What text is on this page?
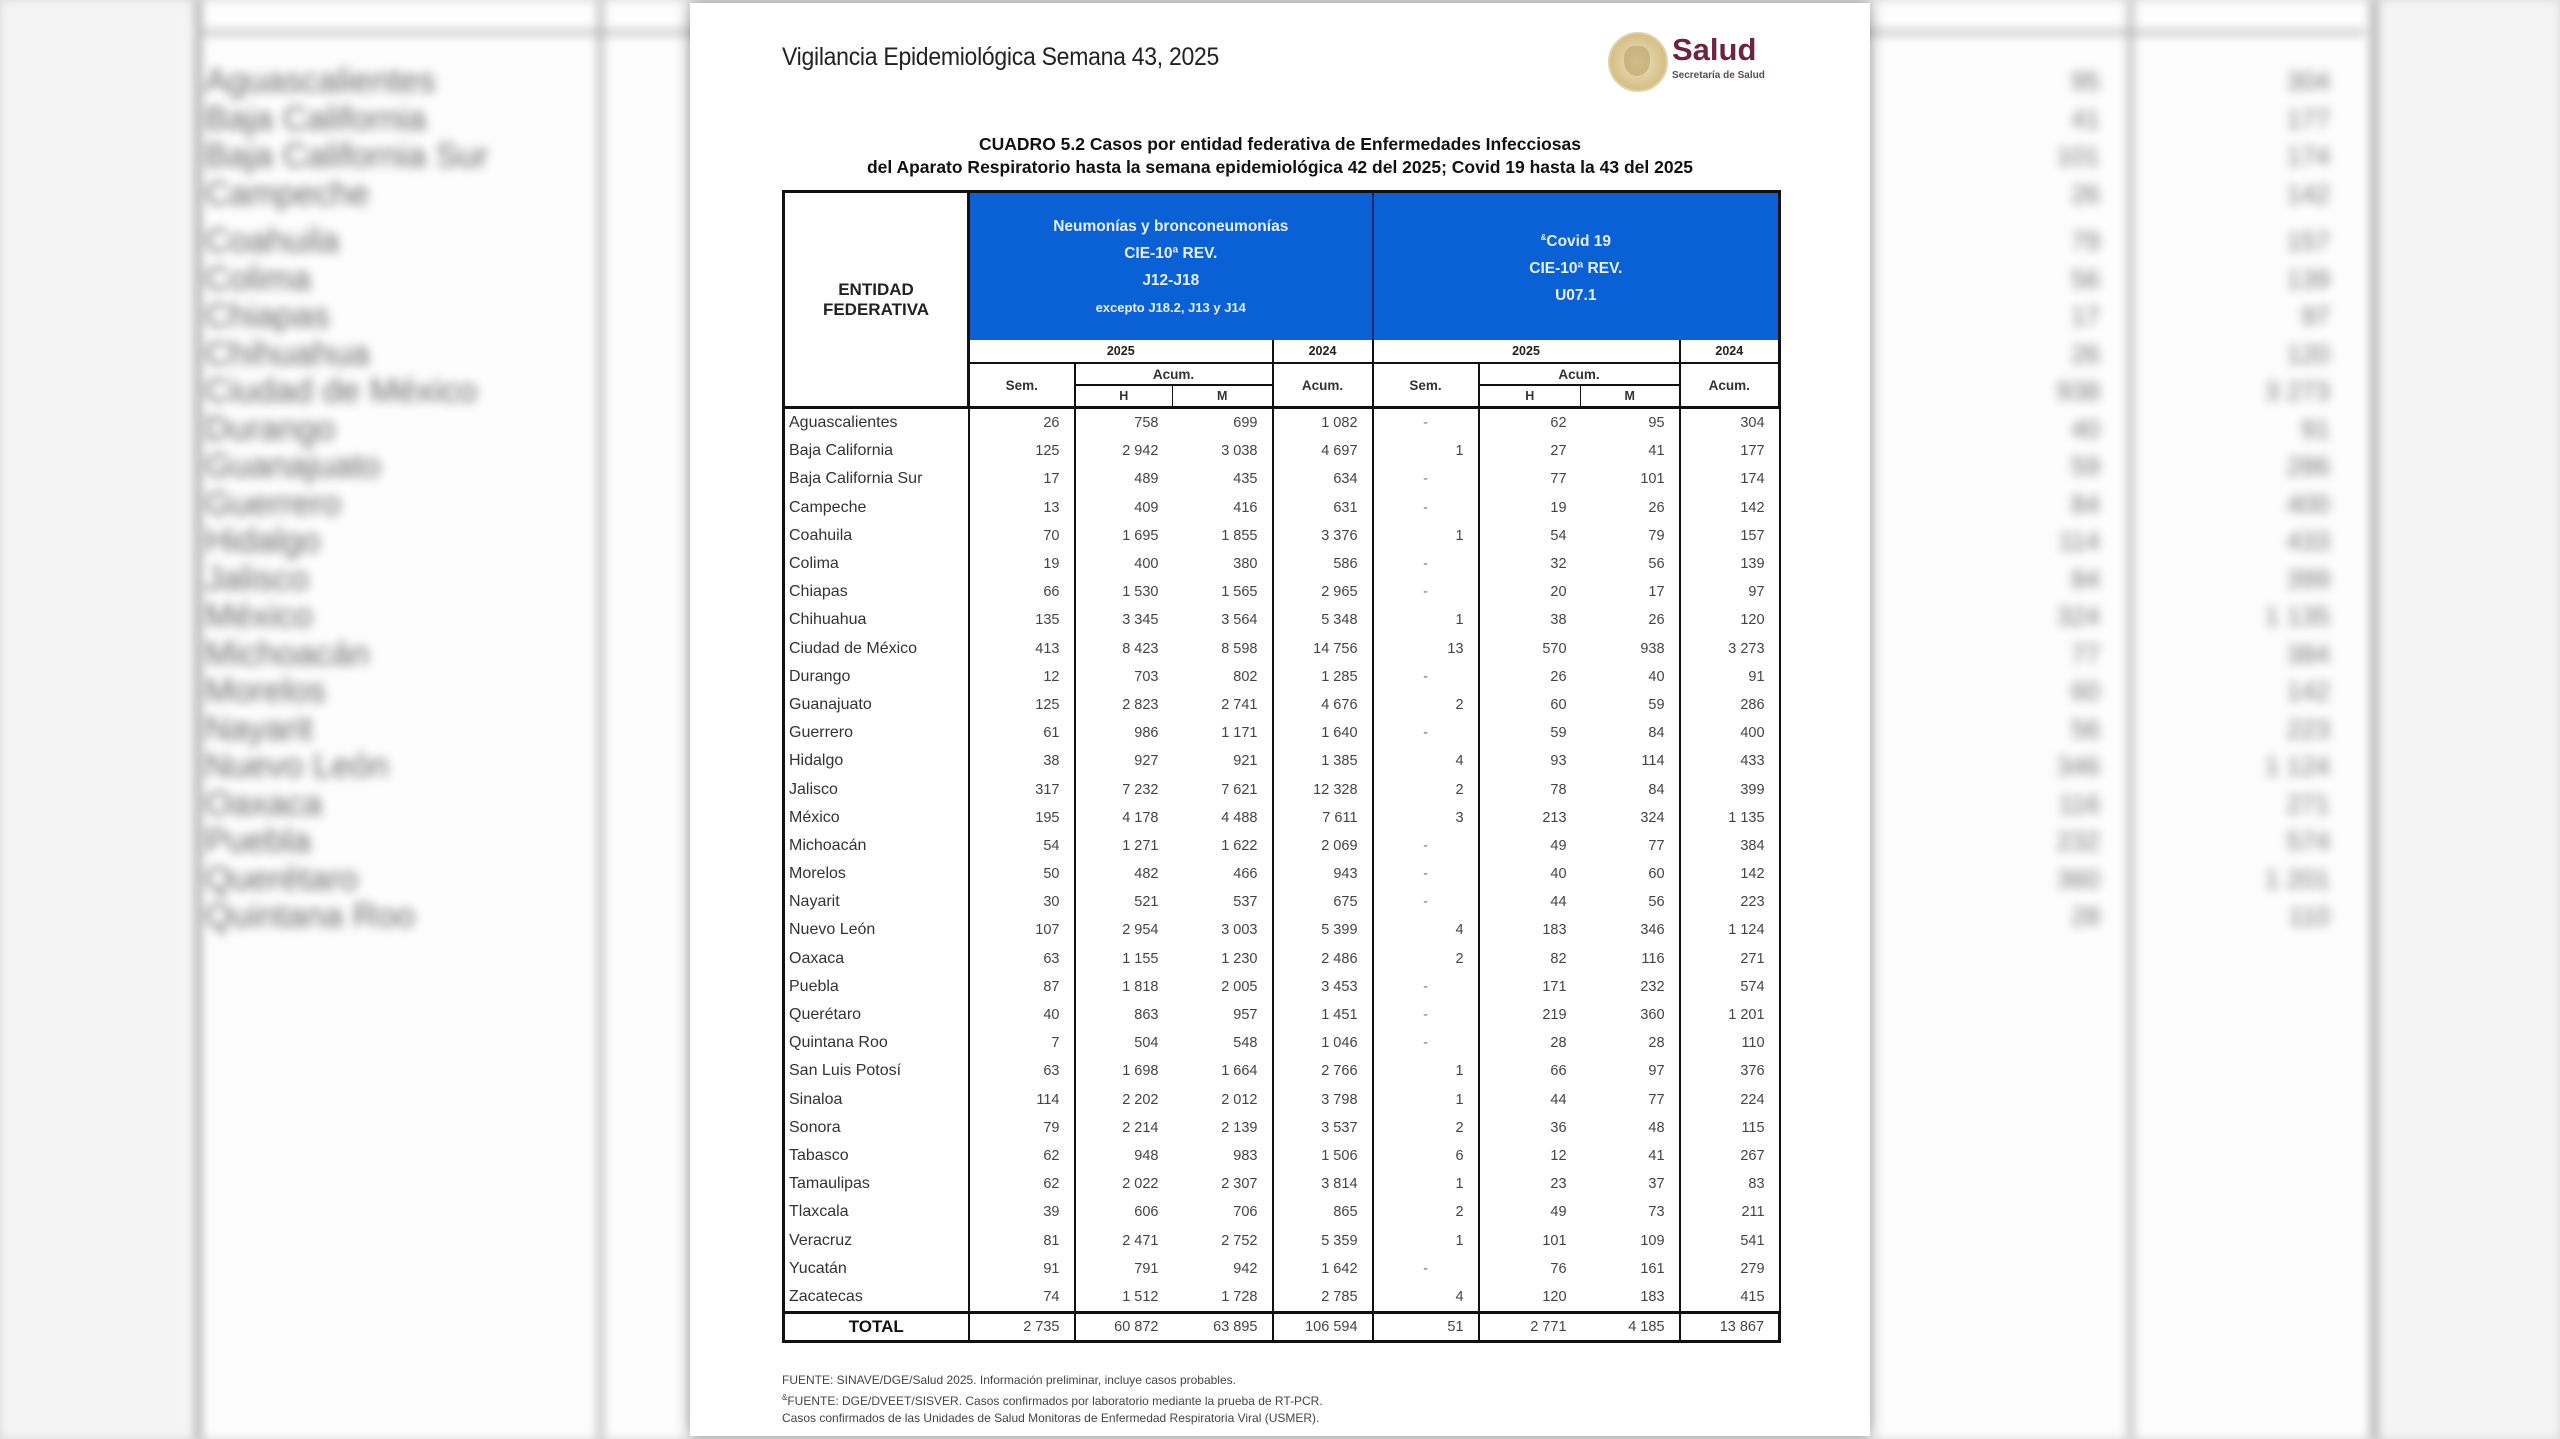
Aguascalientes	95	304
Baja California	41	177
Baja California Sur	101	174
Campeche	26	142
Coahuila	79	157
Colima	56	139
Chiapas	17	97
Chihuahua	26	120
Ciudad de México	938	3 273
Durango	40	91
Guanajuato	59	286
Guerrero	84	400
Hidalgo	114	433
Jalisco	84	399
México	324	1 135
Michoacán	77	384
Morelos	60	142
Nayarit	56	223
Nuevo León	346	1 124
Oaxaca	116	271
Puebla	232	574
Querétaro	360	1 201
Quintana Roo	28	110
Vigilancia Epidemiológica Semana 43, 2025	Salud
Secretaría de Salud
CUADRO 5.2 Casos por entidad federativa de Enfermedades Infecciosas
del Aparato Respiratorio hasta la semana epidemiológica 42 del 2025; Covid 19 hasta la 43 del 2025
ENTIDAD
FEDERATIVA	Neumonías y bronconeumonías
CIE-10ª REV.
J12-J18
excepto J18.2, J13 y J14				&Covid 19
CIE-10ª REV.
U07.1			
	2025			2024	2025			2024
	Sem.	Acum.		Acum.	Sem.	Acum.		Acum.
		H	M			H	M	
Aguascalientes	26	758	699	1 082	-	62	95	304
Baja California	125	2 942	3 038	4 697	1	27	41	177
Baja California Sur	17	489	435	634	-	77	101	174
Campeche	13	409	416	631	-	19	26	142
Coahuila	70	1 695	1 855	3 376	1	54	79	157
Colima	19	400	380	586	-	32	56	139
Chiapas	66	1 530	1 565	2 965	-	20	17	97
Chihuahua	135	3 345	3 564	5 348	1	38	26	120
Ciudad de México	413	8 423	8 598	14 756	13	570	938	3 273
Durango	12	703	802	1 285	-	26	40	91
Guanajuato	125	2 823	2 741	4 676	2	60	59	286
Guerrero	61	986	1 171	1 640	-	59	84	400
Hidalgo	38	927	921	1 385	4	93	114	433
Jalisco	317	7 232	7 621	12 328	2	78	84	399
México	195	4 178	4 488	7 611	3	213	324	1 135
Michoacán	54	1 271	1 622	2 069	-	49	77	384
Morelos	50	482	466	943	-	40	60	142
Nayarit	30	521	537	675	-	44	56	223
Nuevo León	107	2 954	3 003	5 399	4	183	346	1 124
Oaxaca	63	1 155	1 230	2 486	2	82	116	271
Puebla	87	1 818	2 005	3 453	-	171	232	574
Querétaro	40	863	957	1 451	-	219	360	1 201
Quintana Roo	7	504	548	1 046	-	28	28	110
San Luis Potosí	63	1 698	1 664	2 766	1	66	97	376
Sinaloa	114	2 202	2 012	3 798	1	44	77	224
Sonora	79	2 214	2 139	3 537	2	36	48	115
Tabasco	62	948	983	1 506	6	12	41	267
Tamaulipas	62	2 022	2 307	3 814	1	23	37	83
Tlaxcala	39	606	706	865	2	49	73	211
Veracruz	81	2 471	2 752	5 359	1	101	109	541
Yucatán	91	791	942	1 642	-	76	161	279
Zacatecas	74	1 512	1 728	2 785	4	120	183	415
TOTAL	2 735	60 872	63 895	106 594	51	2 771	4 185	13 867
FUENTE: SINAVE/DGE/Salud 2025. Información preliminar, incluye casos probables.
&FUENTE: DGE/DVEET/SISVER. Casos confirmados por laboratorio mediante la prueba de RT-PCR.
Casos confirmados de las Unidades de Salud Monitoras de Enfermedad Respiratoria Viral (USMER).
